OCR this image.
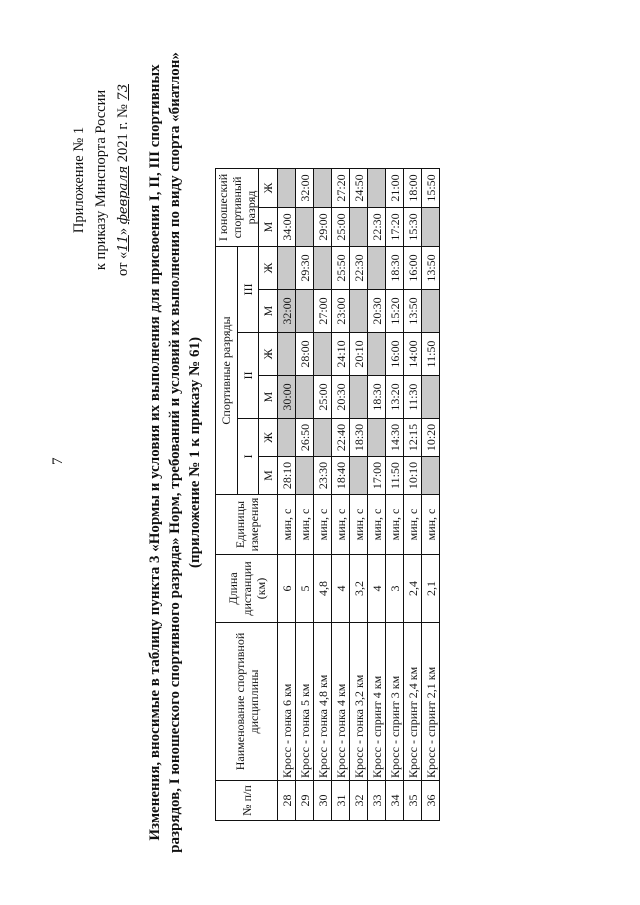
7
Приложение № 1 к приказу Минспорта России от «11» февраля 2021 г. № 73 Изменения, вносимые в таблицу пункта 3 «Нормы и условия их выполнения для присвоения I, II, III спортивных разрядов, I юношеского спортивного разряда» Норм, требований и условий их выполнения по виду спорта «биатлон» (приложение № 1 к приказу № 61)
№ п/п	Наименование спортивной дисциплины	Длина дистанции (км)	Единицы измерения	Спортивные разряды						I юношеский спортивный разряд	
				I		II		III			
				М	Ж	М	Ж	М	Ж	М	Ж
28	Кросс - гонка 6 км	6	мин, с	28:10		30:00		32:00		34:00	
29	Кросс - гонка 5 км	5	мин, с		26:50		28:00		29:30		32:00
30	Кросс - гонка 4,8 км	4,8	мин, с	23:30		25:00		27:00		29:00	
31	Кросс - гонка 4 км	4	мин, с	18:40	22:40	20:30	24:10	23:00	25:50	25:00	27:20
32	Кросс - гонка 3,2 км	3,2	мин, с		18:30		20:10		22:30		24:50
33	Кросс - спринт 4 км	4	мин, с	17:00		18:30		20:30		22:30	
34	Кросс - спринт 3 км	3	мин, с	11:50	14:30	13:20	16:00	15:20	18:30	17:20	21:00
35	Кросс - спринт 2,4 км	2,4	мин, с	10:10	12:15	11:30	14:00	13:50	16:00	15:30	18:00
36	Кросс - спринт 2,1 км	2,1	мин, с		10:20		11:50		13:50		15:50
